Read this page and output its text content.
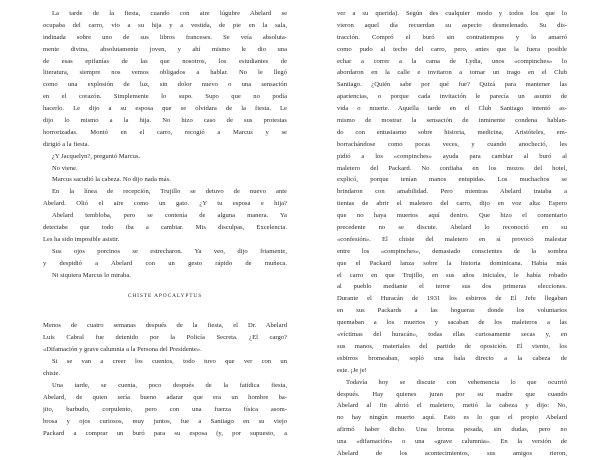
La tarde de la fiesta, cuando con aire lúgubre Abelard se
ocupaba del carro, vio a su hija y a vestida, de pie en la sala,
indinada sobre uno de sus libros franceses. Se veía absoluta-
mente divina, absolutamente joven, y ahí mismo le dio una
de esas epifanías de las que nosotros, los estudiantes de
literatura, siempre nos vemos obligados a hablar. No le llegó
como una explosión de luz, sin dolor nuevo o una sensación
en el corazón. Simplemente lo supo. Supo que no podía
hacerlo. Le dijo a su esposa que se olvidara de la fiesta. Le
dijo lo mismo a la hija. No hizo caso de sus protestas
horrorizadas. Montó en el carro, recogió a Marcus y se
dirigió a la fiesta.
¿Y Jacquelyn?, preguntó Marcus.
No viene.
Marcus sacudió la cabeza. No dijo nada más.
En la línea de recepción, Trujillo se detuvo de nuevo ante
Abelard. Olió el aire como un gato. ¿Y tu esposa e hija?
Abelard tembloba, pero se contenía de alguna manera. Ya
detectabe que todo iba a cambiar. Mis disculpas, Excelencia.
Les ha sido imposible asistir.
Sus ojos porcinos se estrecharon. Ya veo, dijo friamente,
y despidió a Abelard con un gesto rápido de muñeca.
Ni siquiera Marcus lo miraba.
CHISTE APOCALYPTUS
Menos de cuatro semanas después de la fiesta, el Dr. Abelard
Luis Cabral fue detenido por la Policía Secreta. ¿El cargo?
«Difamación y grave calumnia a la Persona del Presidente».
Si se van a creer los cuentos, todo tuvo que ver con un
chiste.
Una tarde, se cuenta, poco después de la fatídica fiesta,
Abelard, de quien sería bueno adarar que era un hombre ba-
jito, barbudo, corpulento, pero con una fuerza física asom-
brosa y ojos curiosos, muy juntos, fue a Santiago en su viejo
Packard a comprar un buró para su esposa (y, por supuesto, a
ver a su querida). Según des cualquier modo y todos los que lo
vieron aquel día recuerdan su aspecto desmelenado. Su dis-
tracción. Compró el buró sin contratiempos y lo amarró
como pudo al techo del carro, pero, antes que la fuera posible
echar a correr a la cama de Lydia, unos «compinches» lo
abordaron en la calle e invitaron a tomar un trago en el Club
Santiago. ¿Quién sabe por qué fue? Quizá para mantener las
apariencias, o porque cada invitación le parecía un asunto de
vida o muerte. Aquella tarde en el Club Santiago intentó as-
mismo de mostrar la sensación de inminente condena hablan-
do con entusiasmo sobre historia, medicina, Aristóteles, em-
borrachándose como pocas veces, y cuando anocheció, les
pidió a los «compinches» ayuda para cambiar al buró al
maletero del Packard. No confiaba en los mozos del hotel,
explicó, porque tenían manos entupidas. Los muchachos se
brindaron con amabilidad. Pero mientras Abelard trataba a
tientas de abrir el maletero del carro, dijo en voz alta: Espero
que no haya muertos aquí dentro. Que hizo el comentario
precedente no se discute. Abelard lo reconoció en su
«confesión». El chiste del maletero en sí provocó malestar
entre los «compinches», demasiado conscientes de la sombra
que el Packard lanza sobre la historia dominicana. Había más
el carro en que Trujillo, en sus años iniciales, le había robado
al pueblo mediante el terror sus dos primeras elecciones.
Durante el Huracán de 1931 los esbirros de El Jefe llegaban
en sus Packards a las hogueras donde los voluntarios
quemaban a los muertos y sacaban de los maleteros a las
«víctimas del huracán», todas ellas curiosamente secas y, en
sus manos, materiales del partido de oposición. El viento, los
esbirros bromeaban, sopló una bala directo a la cabeza de
este. ¡Je je!
Todavía hoy se discute con vehemencia lo que ocurrió
después. Hay quienes juran por su madre que cuando
Abelard al fin abrió el maletero, metió la cabeza y dijo: No,
no hay ningún muerto aquí. Esto es lo que el propio Abelard
afirmó haber dicho. Una broma pesada, sin dudas, pero no
una «difamación» o una «grave calumnia». En la versión de
Abelard de los acontecimientos, sus amigos rieron,
